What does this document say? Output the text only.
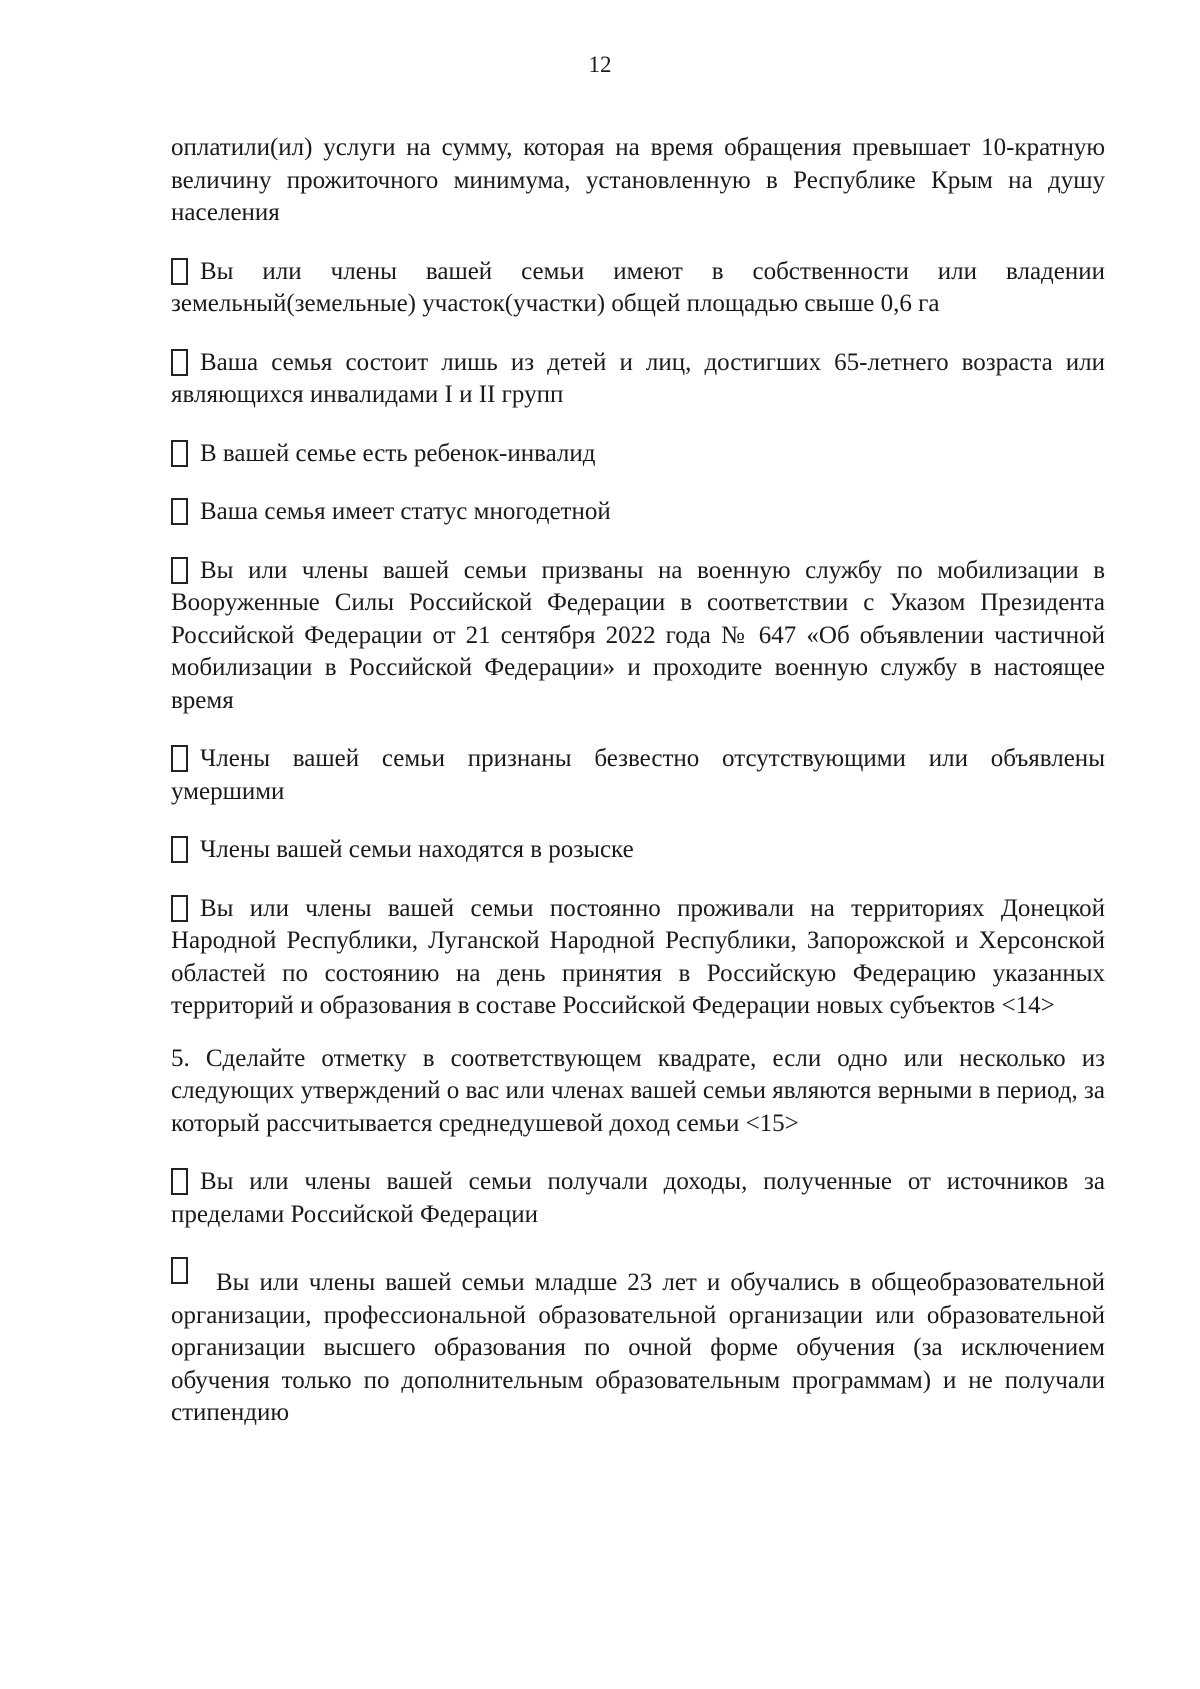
12

оплатили(ил) услуги на сумму, которая на время обращения превышает 10-кратную величину прожиточного минимума, установленную в Республике Крым на душу населения

Вы или члены вашей семьи имеют в собственности или владении земельный(земельные) участок(участки) общей площадью свыше 0,6 га

Ваша семья состоит лишь из детей и лиц, достигших 65-летнего возраста или являющихся инвалидами I и II групп

В вашей семье есть ребенок-инвалид

Ваша семья имеет статус многодетной

Вы или члены вашей семьи призваны на военную службу по мобилизации в Вооруженные Силы Российской Федерации в соответствии с Указом Президента Российской Федерации от 21 сентября 2022 года № 647 «Об объявлении частичной мобилизации в Российской Федерации» и проходите военную службу в настоящее время

Члены вашей семьи признаны безвестно отсутствующими или объявлены умершими

Члены вашей семьи находятся в розыске

Вы или члены вашей семьи постоянно проживали на территориях Донецкой Народной Республики, Луганской Народной Республики, Запорожской и Херсонской областей по состоянию на день принятия в Российскую Федерацию указанных территорий и образования в составе Российской Федерации новых субъектов <14>

5. Сделайте отметку в соответствующем квадрате, если одно или несколько из следующих утверждений о вас или членах вашей семьи являются верными в период, за который рассчитывается среднедушевой доход семьи <15>

Вы или члены вашей семьи получали доходы, полученные от источников за пределами Российской Федерации

Вы или члены вашей семьи младше 23 лет и обучались в общеобразовательной организации, профессиональной образовательной организации или образовательной организации высшего образования по очной форме обучения (за исключением обучения только по дополнительным образовательным программам) и не получали стипендию
